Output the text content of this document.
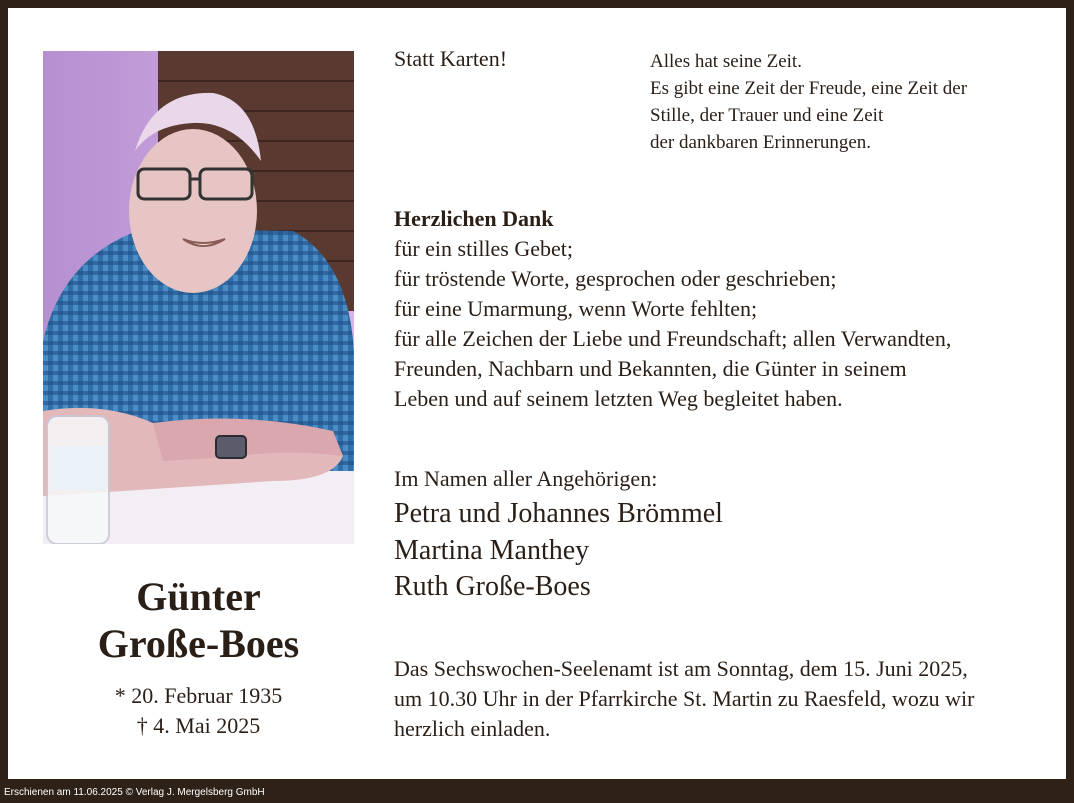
Günter
Große-Boes
* 20. Februar 1935
† 4. Mai 2025
Statt Karten!	Alles hat seine Zeit.
Es gibt eine Zeit der Freude, eine Zeit der
Stille, der Trauer und eine Zeit
der dankbaren Erinnerungen.
Herzlichen Dank
für ein stilles Gebet;
für tröstende Worte, gesprochen oder geschrieben;
für eine Umarmung, wenn Worte fehlten;
für alle Zeichen der Liebe und Freundschaft; allen Verwandten,
Freunden, Nachbarn und Bekannten, die Günter in seinem
Leben und auf seinem letzten Weg begleitet haben.
Im Namen aller Angehörigen:
Petra und Johannes Brömmel
Martina Manthey
Ruth Große-Boes
Das Sechswochen-Seelenamt ist am Sonntag, dem 15. Juni 2025,
um 10.30 Uhr in der Pfarrkirche St. Martin zu Raesfeld, wozu wir
herzlich einladen.
Erschienen am 11.06.2025 © Verlag J. Mergelsberg GmbH
